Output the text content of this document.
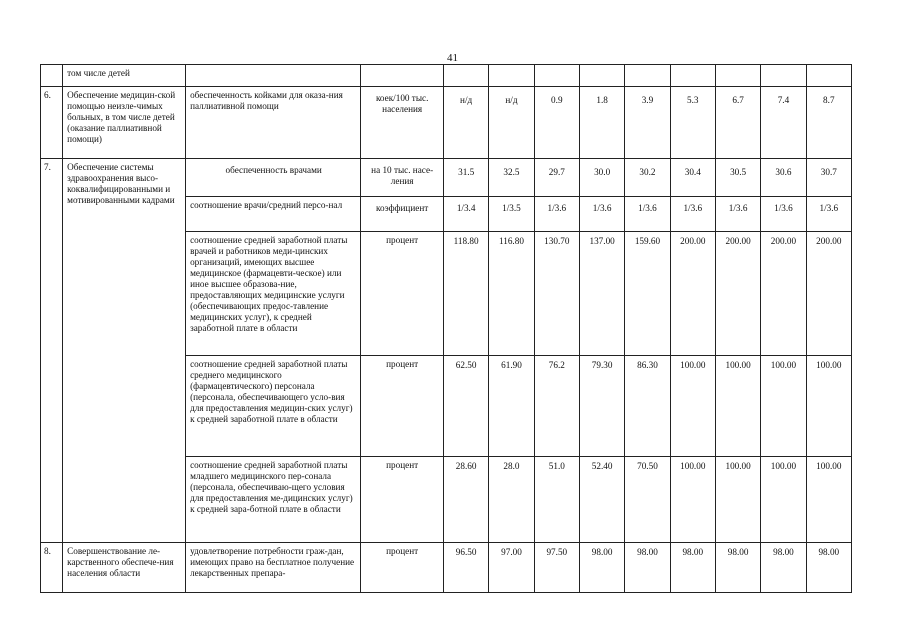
41
	том числе детей											
6.	Обеспечение медицин-ской помощью неизле-чимых больных, в том числе детей (оказание паллиативной помощи)	обеспеченность койками для оказа-ния паллиативной помощи	коек/100 тыс. населения	н/д	н/д	0.9	1.8	3.9	5.3	6.7	7.4	8.7
7.	Обеспечение системы здравоохранения высо-коквалифицированными и мотивированными кадрами	обеспеченность врачами	на 10 тыс. насе-ления	31.5	32.5	29.7	30.0	30.2	30.4	30.5	30.6	30.7
		соотношение врачи/средний персо-нал	коэффициент	1/3.4	1/3.5	1/3.6	1/3.6	1/3.6	1/3.6	1/3.6	1/3.6	1/3.6
		соотношение средней заработной платы врачей и работников меди-цинских организаций, имеющих высшее медицинское (фармацевти-ческое) или иное высшее образова-ние, предоставляющих медицинские услуги (обеспечивающих предос-тавление медицинских услуг), к средней заработной плате в области	процент	118.80	116.80	130.70	137.00	159.60	200.00	200.00	200.00	200.00
		соотношение средней заработной платы среднего медицинского (фармацевтического) персонала (персонала, обеспечивающего усло-вия для предоставления медицин-ских услуг) к средней заработной плате в области	процент	62.50	61.90	76.2	79.30	86.30	100.00	100.00	100.00	100.00
		соотношение средней заработной платы младшего медицинского пер-сонала (персонала, обеспечиваю-щего условия для предоставления ме-дицинских услуг) к средней зара-ботной плате в области	процент	28.60	28.0	51.0	52.40	70.50	100.00	100.00	100.00	100.00
8.	Совершенствование ле-карственного обеспече-ния населения области	удовлетворение потребности граж-дан, имеющих право на бесплатное получение лекарственных препара-	процент	96.50	97.00	97.50	98.00	98.00	98.00	98.00	98.00	98.00
